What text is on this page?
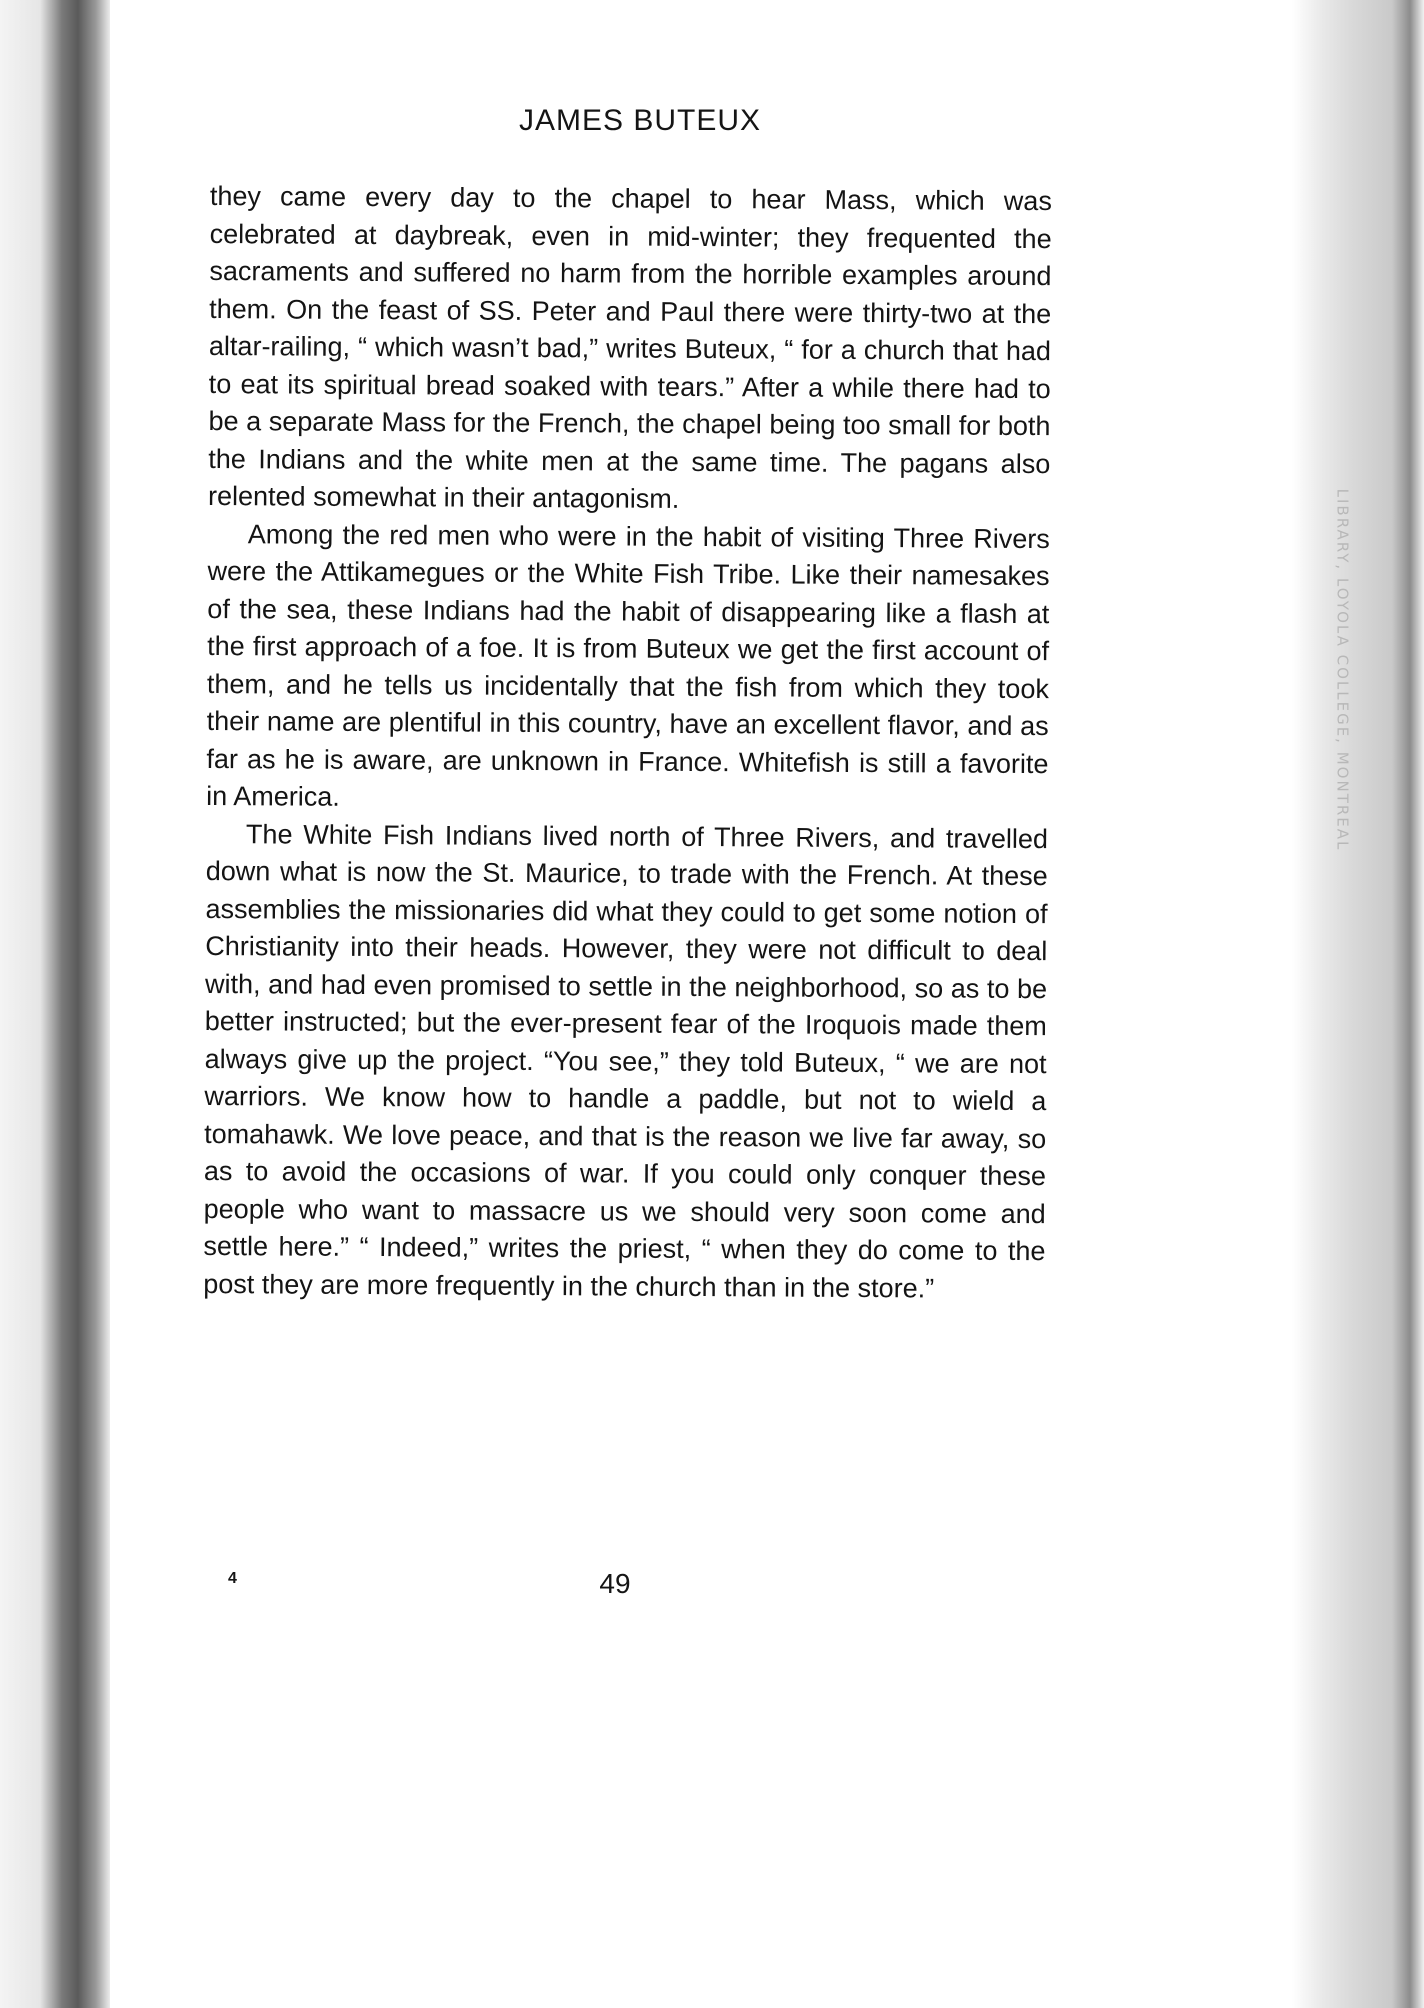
LIBRARY, LOYOLA COLLEGE, MONTREAL
JAMES BUTEUX

they came every day to the chapel to hear Mass, which was celebrated at daybreak, even in mid-winter; they frequented the sacraments and suffered no harm from the horrible examples around them. On the feast of SS. Peter and Paul there were thirty-two at the altar-railing, “ which wasn’t bad,” writes Buteux, “ for a church that had to eat its spiritual bread soaked with tears.” After a while there had to be a separate Mass for the French, the chapel being too small for both the Indians and the white men at the same time. The pagans also relented somewhat in their antagonism.

Among the red men who were in the habit of visiting Three Rivers were the Attikamegues or the White Fish Tribe. Like their namesakes of the sea, these Indians had the habit of disappearing like a flash at the first approach of a foe. It is from Buteux we get the first account of them, and he tells us incidentally that the fish from which they took their name are plentiful in this country, have an excellent flavor, and as far as he is aware, are unknown in France. Whitefish is still a favorite in America.

The White Fish Indians lived north of Three Rivers, and travelled down what is now the St. Maurice, to trade with the French. At these assemblies the missionaries did what they could to get some notion of Christianity into their heads. However, they were not difficult to deal with, and had even promised to settle in the neighborhood, so as to be better instructed; but the ever-present fear of the Iroquois made them always give up the project. “You see,” they told Buteux, “ we are not warriors. We know how to handle a paddle, but not to wield a tomahawk. We love peace, and that is the reason we live far away, so as to avoid the occasions of war. If you could only conquer these people who want to massacre us we should very soon come and settle here.” “ Indeed,” writes the priest, “ when they do come to the post they are more frequently in the church than in the store.”

4	49
